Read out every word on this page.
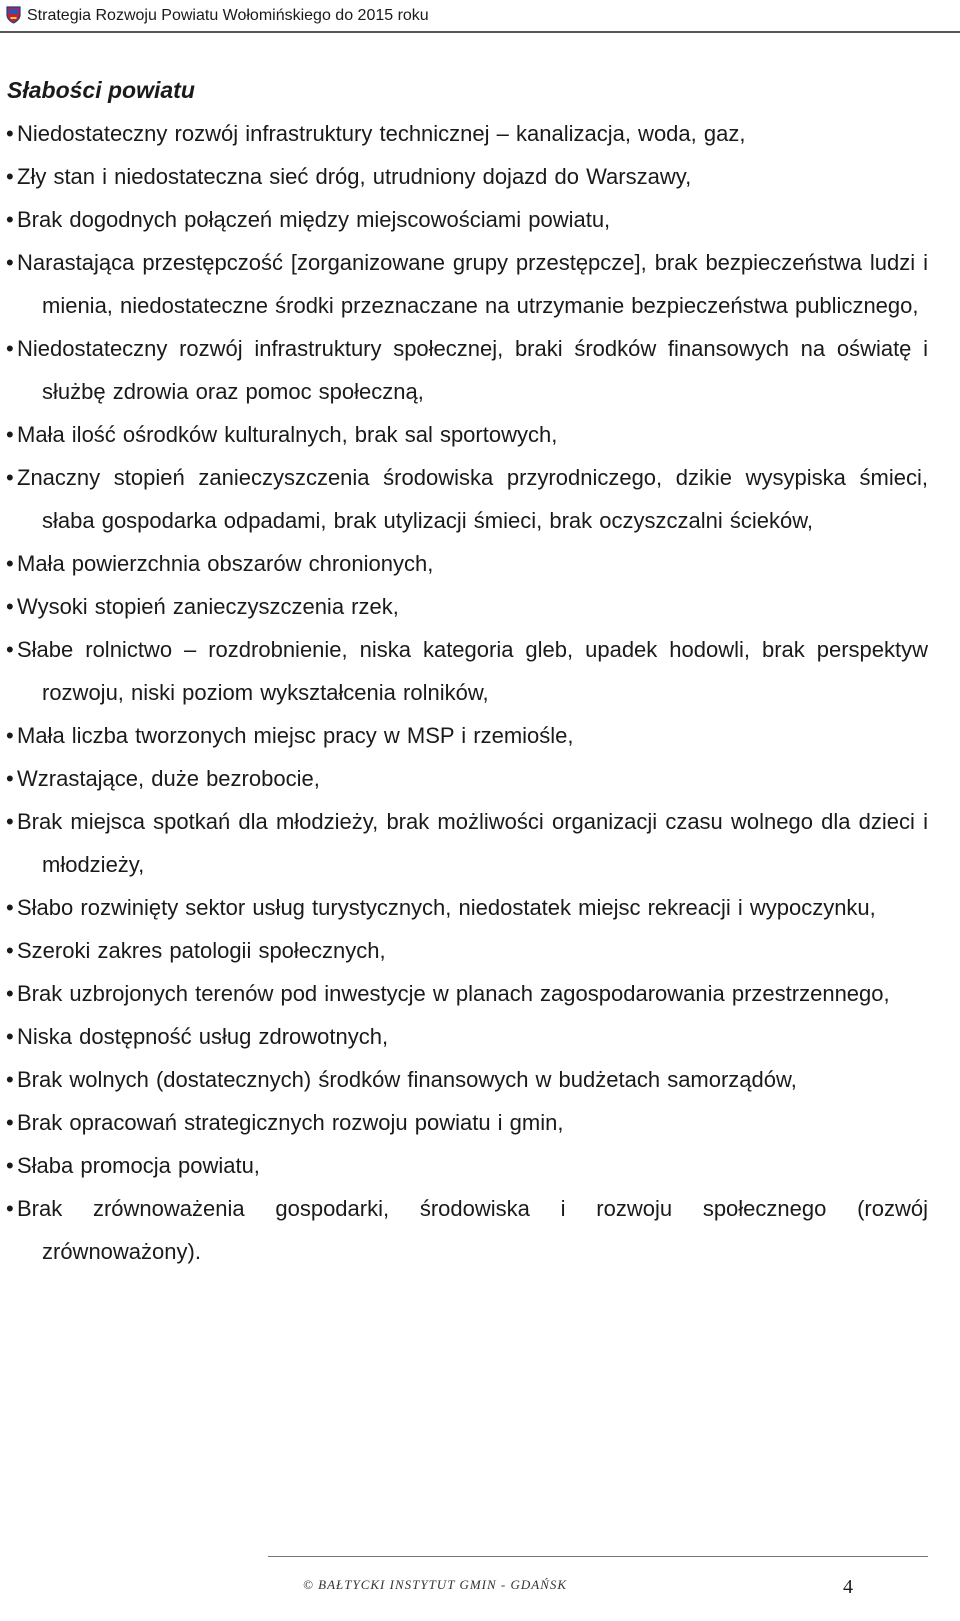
Strategia Rozwoju Powiatu Wołomińskiego do 2015 roku
Słabości powiatu
• Niedostateczny rozwój infrastruktury technicznej – kanalizacja, woda, gaz,
• Zły stan i niedostateczna sieć dróg, utrudniony dojazd do Warszawy,
• Brak dogodnych połączeń między miejscowościami powiatu,
• Narastająca przestępczość [zorganizowane grupy przestępcze], brak bezpieczeństwa ludzi i mienia, niedostateczne środki przeznaczane na utrzymanie bezpieczeństwa publicznego,
• Niedostateczny rozwój infrastruktury społecznej, braki środków finansowych na oświatę i służbę zdrowia oraz pomoc społeczną,
• Mała ilość ośrodków kulturalnych, brak sal sportowych,
• Znaczny stopień zanieczyszczenia środowiska przyrodniczego, dzikie wysypiska śmieci, słaba gospodarka odpadami, brak utylizacji śmieci, brak oczyszczalni ścieków,
• Mała powierzchnia obszarów chronionych,
• Wysoki stopień zanieczyszczenia rzek,
• Słabe rolnictwo – rozdrobnienie, niska kategoria gleb, upadek hodowli, brak perspektyw rozwoju, niski poziom wykształcenia rolników,
• Mała liczba tworzonych miejsc pracy w MSP i rzemiośle,
• Wzrastające, duże bezrobocie,
• Brak miejsca spotkań dla młodzieży, brak możliwości organizacji czasu wolnego dla dzieci i młodzieży,
• Słabo rozwinięty sektor usług turystycznych, niedostatek miejsc rekreacji i wypoczynku,
• Szeroki zakres patologii społecznych,
• Brak uzbrojonych terenów pod inwestycje w planach zagospodarowania przestrzennego,
• Niska dostępność usług zdrowotnych,
• Brak wolnych (dostatecznych) środków finansowych w budżetach samorządów,
• Brak opracowań strategicznych rozwoju powiatu i gmin,
• Słaba promocja powiatu,
• Brak zrównoważenia gospodarki, środowiska i rozwoju społecznego (rozwój zrównoważony).
© BAŁTYCKI INSTYTUT GMIN - GDAŃSK	4
